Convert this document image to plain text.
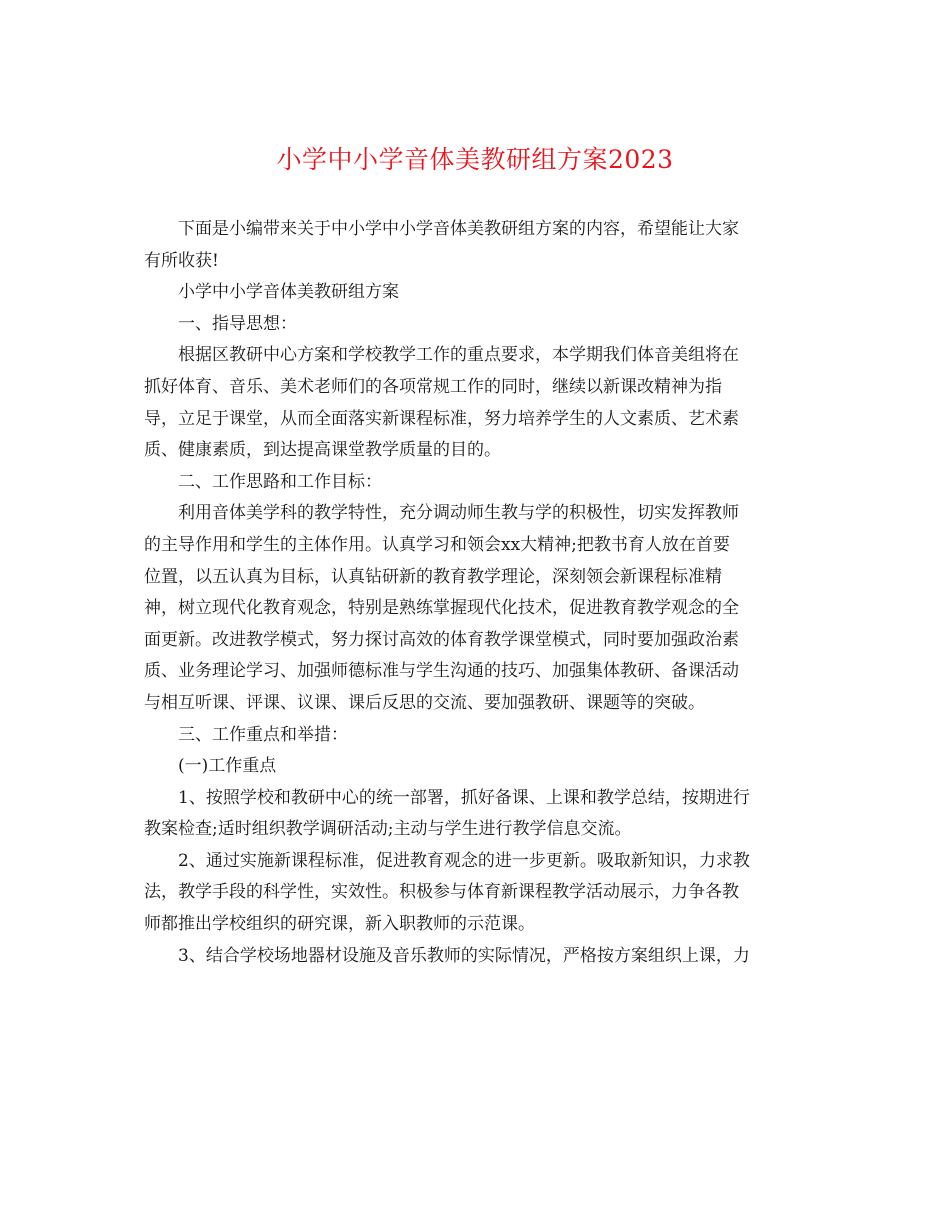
小学中小学音体美教研组方案2023
下面是小编带来关于中小学中小学音体美教研组方案的内容，希望能让大家
有所收获!
小学中小学音体美教研组方案
一、指导思想：
根据区教研中心方案和学校教学工作的重点要求，本学期我们体音美组将在
抓好体育、音乐、美术老师们的各项常规工作的同时，继续以新课改精神为指
导，立足于课堂，从而全面落实新课程标准，努力培养学生的人文素质、艺术素
质、健康素质，到达提高课堂教学质量的目的。
二、工作思路和工作目标：
利用音体美学科的教学特性，充分调动师生教与学的积极性，切实发挥教师
的主导作用和学生的主体作用。认真学习和领会xx大精神;把教书育人放在首要
位置，以五认真为目标，认真钻研新的教育教学理论，深刻领会新课程标准精
神，树立现代化教育观念，特别是熟练掌握现代化技术，促进教育教学观念的全
面更新。改进教学模式，努力探讨高效的体育教学课堂模式，同时要加强政治素
质、业务理论学习、加强师德标准与学生沟通的技巧、加强集体教研、备课活动
与相互听课、评课、议课、课后反思的交流、要加强教研、课题等的突破。
三、工作重点和举措：
(一)工作重点
1、按照学校和教研中心的统一部署，抓好备课、上课和教学总结，按期进行
教案检查;适时组织教学调研活动;主动与学生进行教学信息交流。
2、通过实施新课程标准，促进教育观念的进一步更新。吸取新知识，力求教
法，教学手段的科学性，实效性。积极参与体育新课程教学活动展示，力争各教
师都推出学校组织的研究课，新入职教师的示范课。
3、结合学校场地器材设施及音乐教师的实际情况，严格按方案组织上课，力
